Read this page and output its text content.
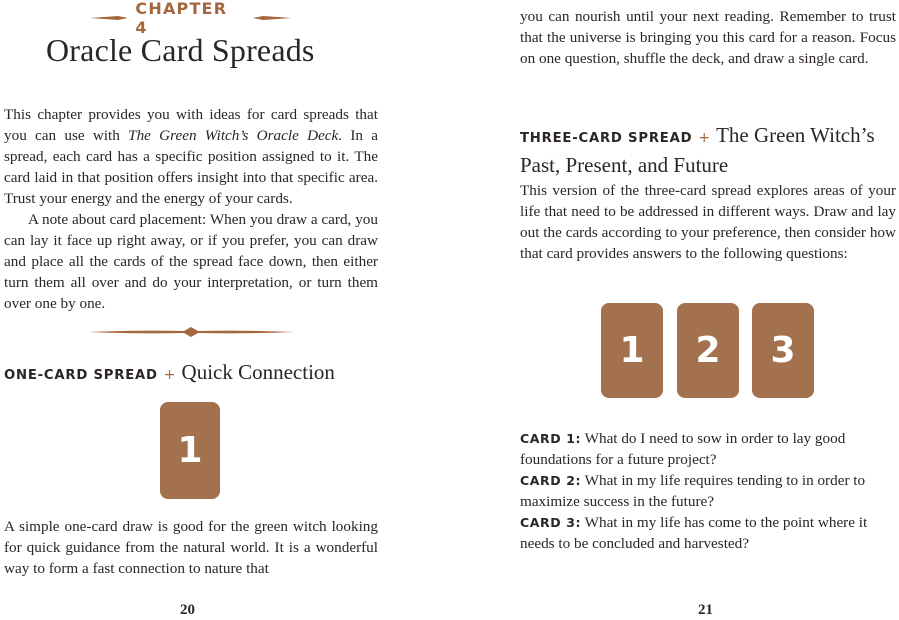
CHAPTER 4
Oracle Card Spreads

This chapter provides you with ideas for card spreads that you can use with The Green Witch’s Oracle Deck. In a spread, each card has a specific position assigned to it. The card laid in that position offers insight into that specific area. Trust your energy and the energy of your cards.

A note about card placement: When you draw a card, you can lay it face up right away, or if you prefer, you can draw and place all the cards of the spread face down, then either turn them all over and do your interpretation, or turn them over one by one.

ONE-CARD SPREAD + Quick Connection
1
A simple one-card draw is good for the green witch looking for quick guidance from the natural world. It is a wonderful way to form a fast connection to nature that
20
you can nourish until your next reading. Remember to trust that the universe is bringing you this card for a reason. Focus on one question, shuffle the deck, and draw a single card.
THREE-CARD SPREAD + The Green Witch’s Past, Present, and Future
This version of the three-card spread explores areas of your life that need to be addressed in different ways. Draw and lay out the cards according to your preference, then consider how that card provides answers to the following questions:
1	2	3

CARD 1: What do I need to sow in order to lay good foundations for a future project?

CARD 2: What in my life requires tending to in order to maximize success in the future?

CARD 3: What in my life has come to the point where it needs to be concluded and harvested?

21
